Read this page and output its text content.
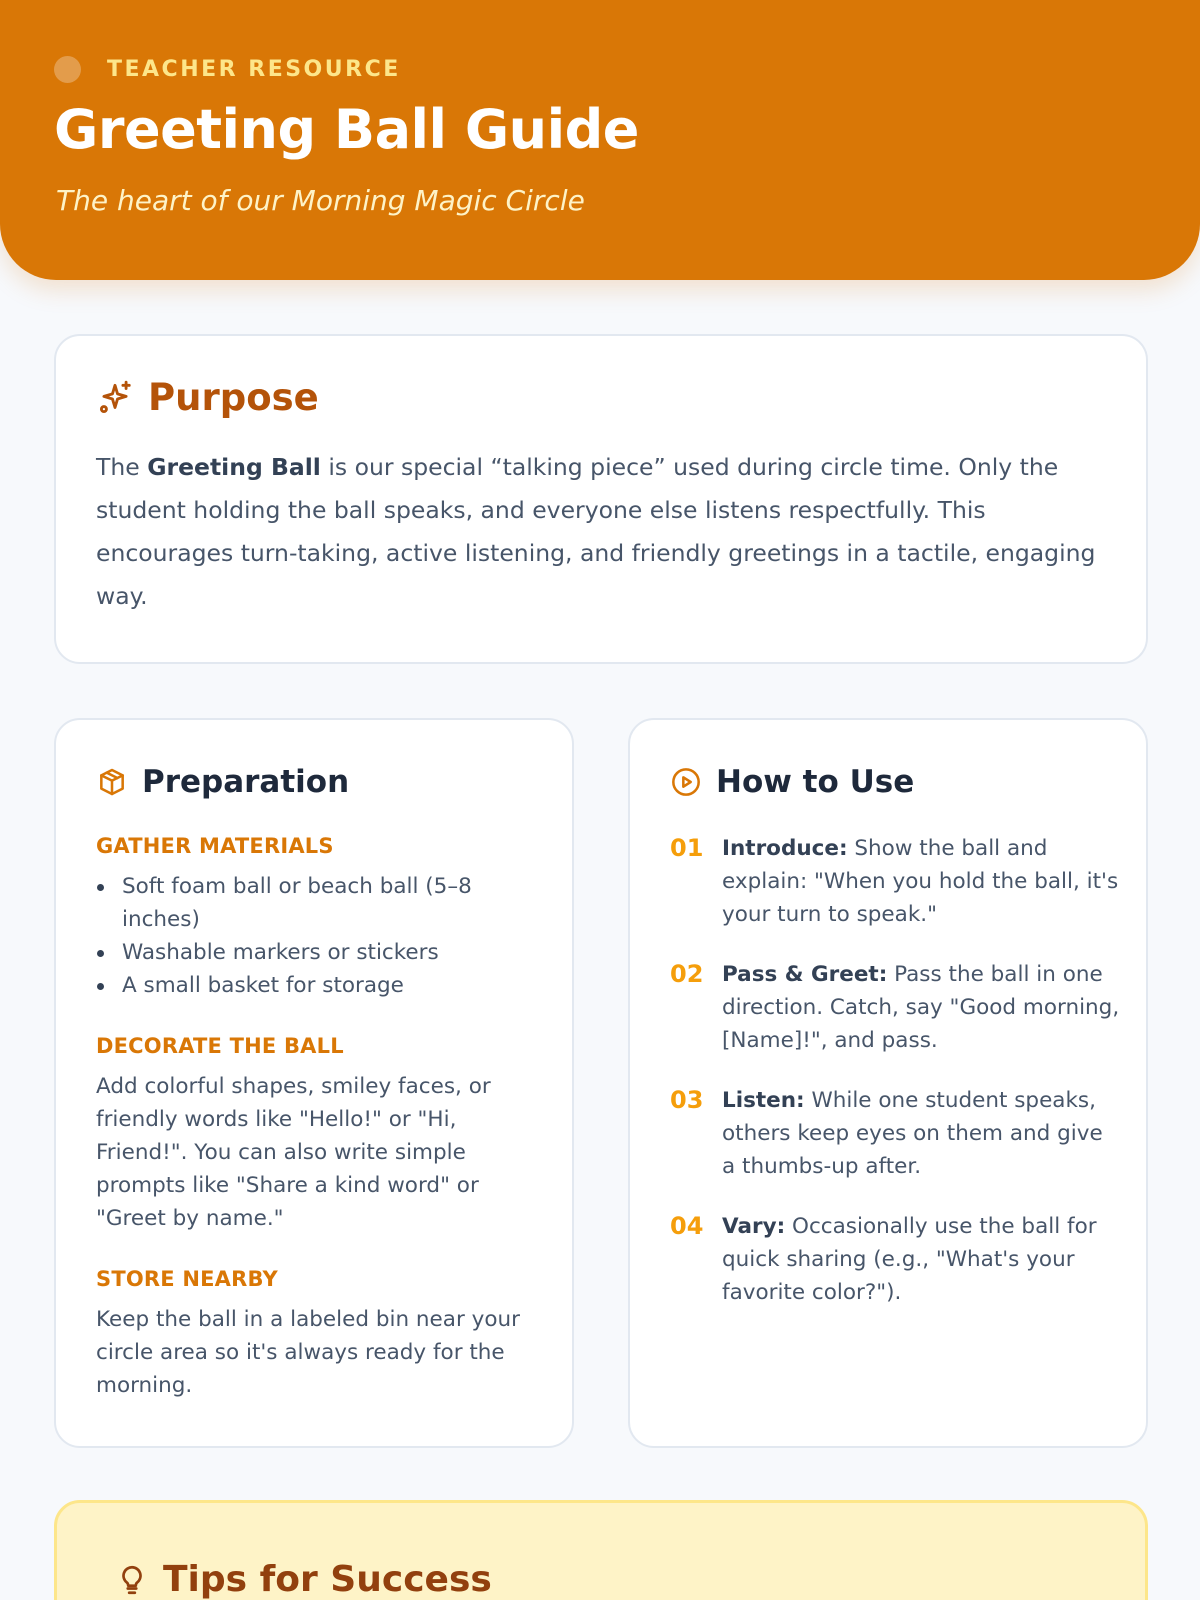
TEACHER RESOURCE
Greeting Ball Guide
The heart of our Morning Magic Circle
Purpose

The Greeting Ball is our special “talking piece” used during circle time. Only the student holding the ball speaks, and everyone else listens respectfully. This encourages turn-taking, active listening, and friendly greetings in a tactile, engaging way.

Preparation
GATHER MATERIALS
Soft foam ball or beach ball (5–8 inches)
Washable markers or stickers
A small basket for storage
DECORATE THE BALL

Add colorful shapes, smiley faces, or friendly words like "Hello!" or "Hi, Friend!". You can also write simple prompts like "Share a kind word" or "Greet by name."

STORE NEARBY

Keep the ball in a labeled bin near your circle area so it's always ready for the morning.

How to Use
01 Introduce: Show the ball and explain: "When you hold the ball, it's your turn to speak."

02 Pass & Greet: Pass the ball in one direction. Catch, say "Good morning, [Name]!", and pass.

03 Listen: While one student speaks, others keep eyes on them and give a thumbs-up after.

04 Vary: Occasionally use the ball for quick sharing (e.g., "What's your favorite color?").

Tips for Success
